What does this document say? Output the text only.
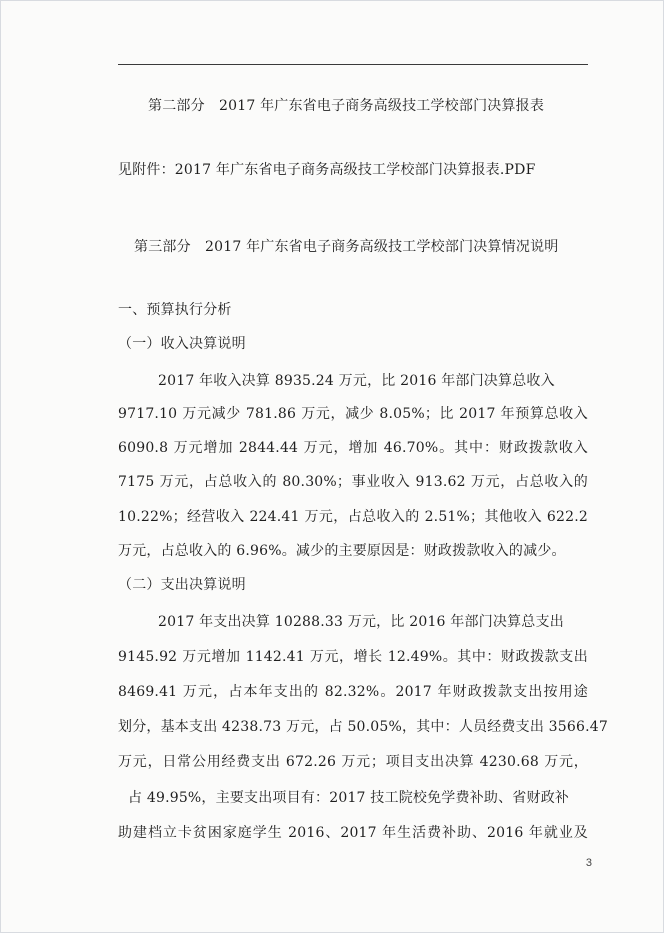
第二部分　2017 年广东省电子商务高级技工学校部门决算报表
见附件：2017 年广东省电子商务高级技工学校部门决算报表.PDF
第三部分　2017 年广东省电子商务高级技工学校部门决算情况说明
一、预算执行分析
（一）收入决算说明
2017 年收入决算 8935.24 万元，比 2016 年部门决算总收入
9717.10 万元减少 781.86 万元，减少 8.05%；比 2017 年预算总收入
6090.8 万元增加 2844.44 万元，增加 46.70%。其中：财政拨款收入
7175 万元，占总收入的 80.30%；事业收入 913.62 万元，占总收入的
10.22%；经营收入 224.41 万元，占总收入的 2.51%；其他收入 622.2
万元，占总收入的 6.96%。减少的主要原因是：财政拨款收入的减少。
（二）支出决算说明
2017 年支出决算 10288.33 万元，比 2016 年部门决算总支出
9145.92 万元增加 1142.41 万元，增长 12.49%。其中：财政拨款支出
8469.41 万元，占本年支出的 82.32%。2017 年财政拨款支出按用途
划分，基本支出 4238.73 万元，占 50.05%，其中：人员经费支出 3566.47
万元，日常公用经费支出 672.26 万元；项目支出决算 4230.68 万元，
占 49.95%，主要支出项目有：2017 技工院校免学费补助、省财政补
助建档立卡贫困家庭学生 2016、2017 年生活费补助、2016 年就业及
3
